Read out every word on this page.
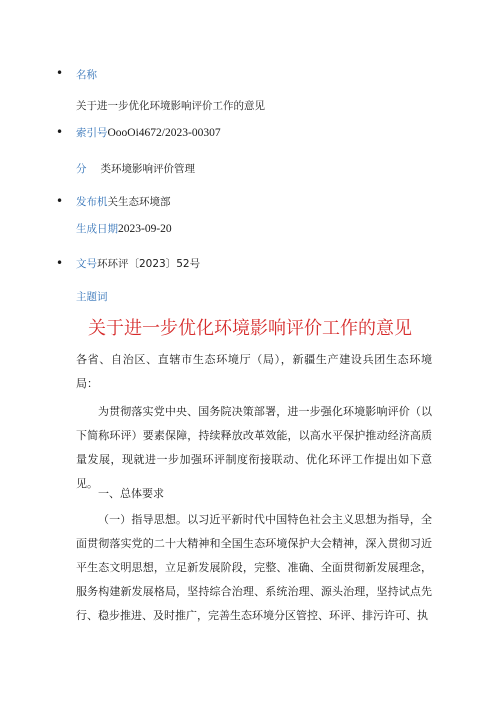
•
•
•
•
名称
关于进一步优化环境影响评价工作的意见
索引号OooOi4672/2023-00307
分 类环境影响评价管理
发布机关生态环境部
生成日期2023-09-20
文号环环评〔2023〕52号
主题词
关于进一步优化环境影响评价工作的意见
各省、自治区、直辖市生态环境厅（局），新疆生产建设兵团生态环境局：
为贯彻落实党中央、国务院决策部署，进一步强化环境影响评价（以下简称环评）要素保障，持续释放改革效能，以高水平保护推动经济高质量发展，现就进一步加强环评制度衔接联动、优化环评工作提出如下意见。
一、总体要求
（一）指导思想。以习近平新时代中国特色社会主义思想为指导，全面贯彻落实党的二十大精神和全国生态环境保护大会精神，深入贯彻习近平生态文明思想，立足新发展阶段，完整、准确、全面贯彻新发展理念，服务构建新发展格局，坚持综合治理、系统治理、源头治理，坚持试点先行、稳步推进、及时推广，完善生态环境分区管控、环评、排污许可、执
